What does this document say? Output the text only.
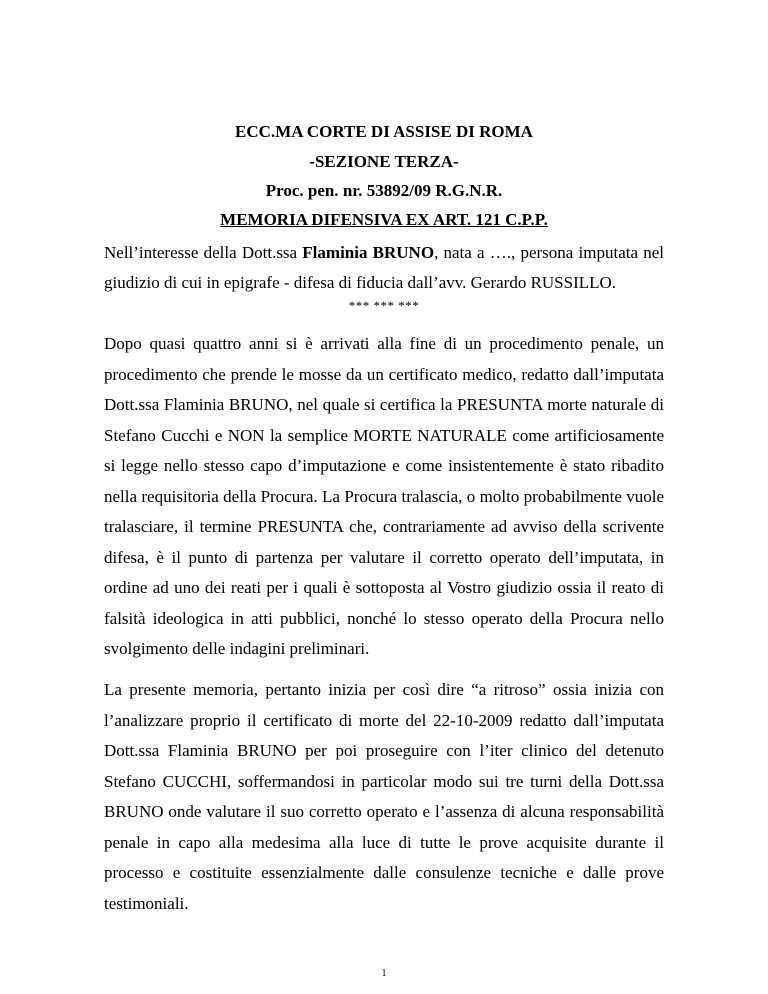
ECC.MA CORTE DI ASSISE DI ROMA
-SEZIONE TERZA-
Proc. pen. nr. 53892/09 R.G.N.R.
MEMORIA DIFENSIVA EX ART. 121 C.P.P.
Nell’interesse della Dott.ssa Flaminia BRUNO, nata a …., persona imputata nel giudizio di cui in epigrafe - difesa di fiducia dall’avv. Gerardo RUSSILLO.
*** *** ***
Dopo quasi quattro anni si è arrivati alla fine di un procedimento penale, un procedimento che prende le mosse da un certificato medico, redatto dall’imputata Dott.ssa Flaminia BRUNO, nel quale si certifica la PRESUNTA morte naturale di Stefano Cucchi e NON la semplice MORTE NATURALE come artificiosamente si legge nello stesso capo d’imputazione e come insistentemente è stato ribadito nella requisitoria della Procura. La Procura tralascia, o molto probabilmente vuole tralasciare, il termine PRESUNTA che, contrariamente ad avviso della scrivente difesa, è il punto di partenza per valutare il corretto operato dell’imputata, in ordine ad uno dei reati per i quali è sottoposta al Vostro giudizio ossia il reato di falsità ideologica in atti pubblici, nonché lo stesso operato della Procura nello svolgimento delle indagini preliminari.
La presente memoria, pertanto inizia per così dire “a ritroso” ossia inizia con l’analizzare proprio il certificato di morte del 22-10-2009 redatto dall’imputata Dott.ssa Flaminia BRUNO per poi proseguire con l’iter clinico del detenuto Stefano CUCCHI, soffermandosi in particolar modo sui tre turni della Dott.ssa BRUNO onde valutare il suo corretto operato e l’assenza di alcuna responsabilità penale in capo alla medesima alla luce di tutte le prove acquisite durante il processo e costituite essenzialmente dalle consulenze tecniche e dalle prove testimoniali.
1
